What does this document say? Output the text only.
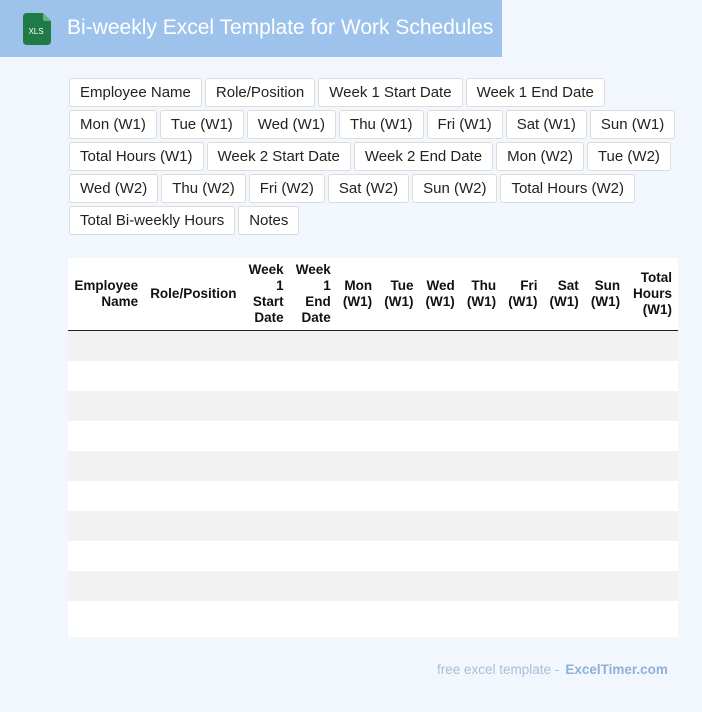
XLS Bi-weekly Excel Template for Work Schedules
Employee Name	Role/Position	Week 1 Start Date	Week 1 End Date
Mon (W1)	Tue (W1)	Wed (W1)	Thu (W1)	Fri (W1)	Sat (W1)	Sun (W1)
Total Hours (W1)	Week 2 Start Date	Week 2 End Date	Mon (W2)	Tue (W2)
Wed (W2)	Thu (W2)	Fri (W2)	Sat (W2)	Sun (W2)	Total Hours (W2)
Total Bi-weekly Hours	Notes
Employee Name	Role/Position	Week 1 Start Date	Week 1 End Date	Mon (W1)	Tue (W1)	Wed (W1)	Thu (W1)	Fri (W1)	Sat (W1)	Sun (W1)	Total Hours (W1)

free excel template - ExcelTimer.com
